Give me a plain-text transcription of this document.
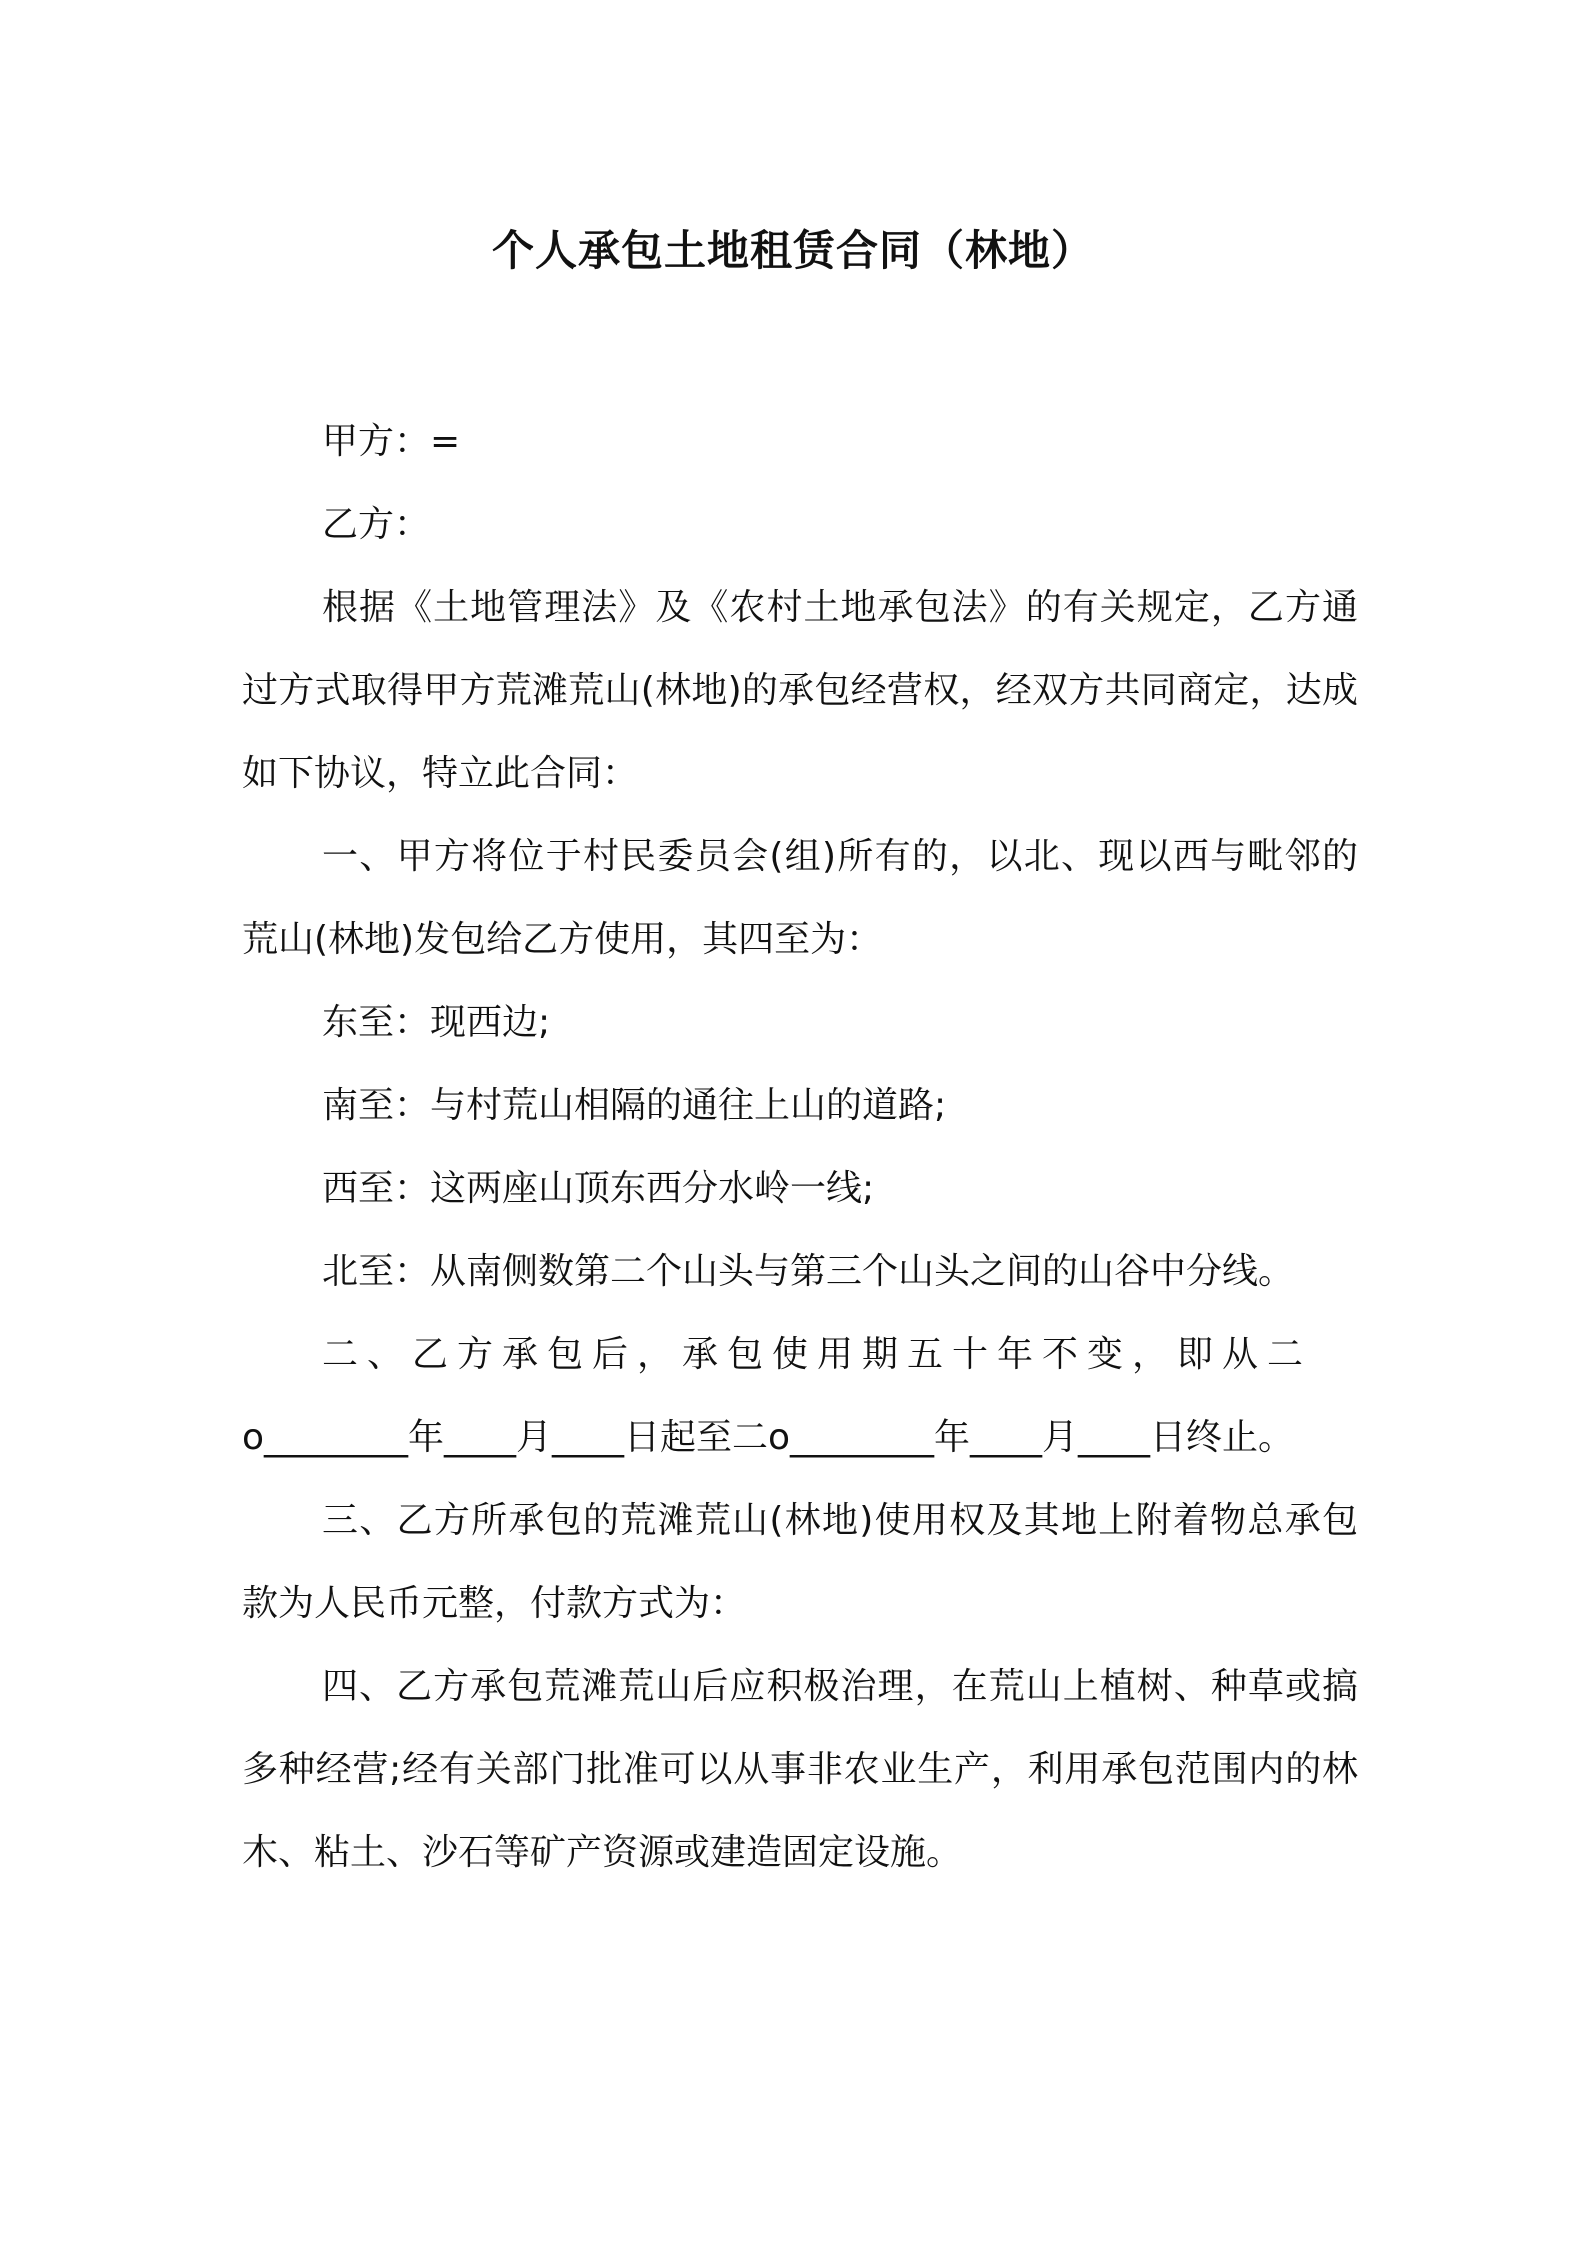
个人承包土地租赁合同（林地）

甲方：=

乙方：

根据《土地管理法》及《农村土地承包法》的有关规定，乙方通过方式取得甲方荒滩荒山(林地)的承包经营权，经双方共同商定，达成如下协议，特立此合同：

一、甲方将位于村民委员会(组)所有的，以北、现以西与毗邻的荒山(林地)发包给乙方使用，其四至为：

东至：现西边;

南至：与村荒山相隔的通往上山的道路;

西至：这两座山顶东西分水岭一线;

北至：从南侧数第二个山头与第三个山头之间的山谷中分线。

二、乙方承包后，承包使用期五十年不变，即从二

o________年____月____日起至二o________年____月____日终止。

三、乙方所承包的荒滩荒山(林地)使用权及其地上附着物总承包款为人民币元整，付款方式为：

四、乙方承包荒滩荒山后应积极治理，在荒山上植树、种草或搞多种经营;经有关部门批准可以从事非农业生产，利用承包范围内的林木、粘土、沙石等矿产资源或建造固定设施。
